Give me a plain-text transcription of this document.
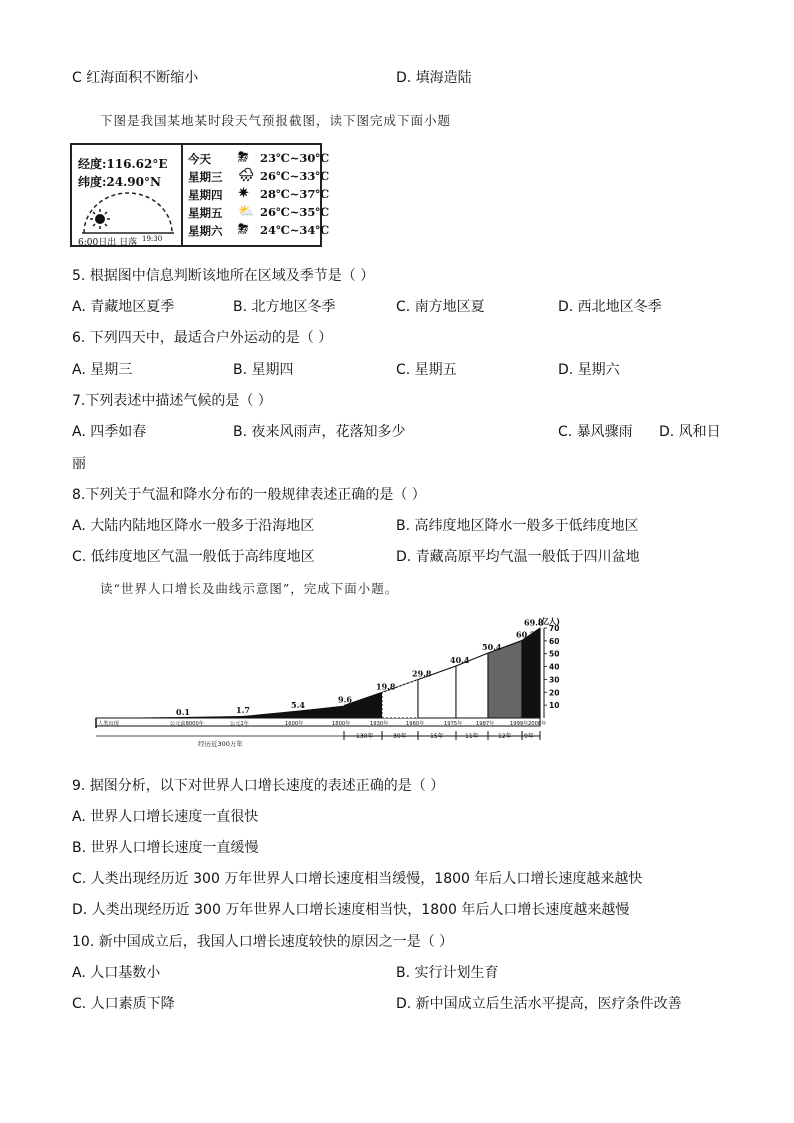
C 红海面积不断缩小	D. 填海造陆
下图是我国某地某时段天气预报截图，读下图完成下面小题
经度:116.62°E
纬度:24.90°N
6:00日出 日落 19:30
今天 ⛈ 23℃~30℃
星期三 🌧 26℃~33℃
星期四 ✷ 28℃~37℃
星期五 ⛅ 26℃~35℃
星期六 ⛈ 24℃~34℃
5. 根据图中信息判断该地所在区域及季节是（ ）
A. 青藏地区夏季	B. 北方地区冬季	C. 南方地区夏	D. 西北地区冬季
6. 下列四天中，最适合户外运动的是（ ）
A. 星期三	B. 星期四	C. 星期五	D. 星期六
7.下列表述中描述气候的是（ ）
A. 四季如春	B. 夜来风雨声，花落知多少	C. 暴风骤雨 D. 风和日
丽
8.下列关于气温和降水分布的一般规律表述正确的是（ ）
A. 大陆内陆地区降水一般多于沿海地区	B. 高纬度地区降水一般多于低纬度地区
C. 低纬度地区气温一般低于高纬度地区	D. 青藏高原平均气温一般低于四川盆地
读“世界人口增长及曲线示意图”，完成下面小题。
0.1	1.7	5.4
9.6
19.8
29.8
40.4
50.4
60.2
69.8
人类出现	公元前8000年	公元1年	1600年	1800年	1930年	1960年	1975年	1987年	1999年 2008年
10
20
30
40
50
60
70
(亿人)
130年	30年	15年	11年	12年 9年
经历近300万年
9. 据图分析，以下对世界人口增长速度的表述正确的是（ ）
A. 世界人口增长速度一直很快
B. 世界人口增长速度一直缓慢
C. 人类出现经历近 300 万年世界人口增长速度相当缓慢，1800 年后人口增长速度越来越快
D. 人类出现经历近 300 万年世界人口增长速度相当快，1800 年后人口增长速度越来越慢
10. 新中国成立后，我国人口增长速度较快的原因之一是（ ）
A. 人口基数小	B. 实行计划生育
C. 人口素质下降	D. 新中国成立后生活水平提高，医疗条件改善
